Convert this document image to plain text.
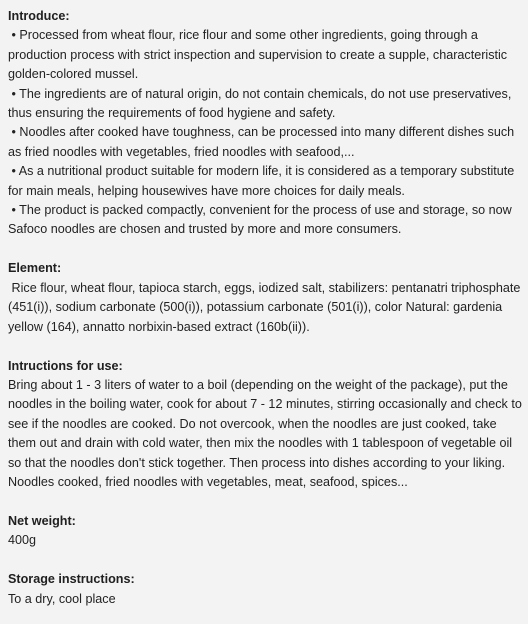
Introduce:
• Processed from wheat flour, rice flour and some other ingredients, going through a production process with strict inspection and supervision to create a supple, characteristic golden-colored mussel.
• The ingredients are of natural origin, do not contain chemicals, do not use preservatives, thus ensuring the requirements of food hygiene and safety.
• Noodles after cooked have toughness, can be processed into many different dishes such as fried noodles with vegetables, fried noodles with seafood,...
• As a nutritional product suitable for modern life, it is considered as a temporary substitute for main meals, helping housewives have more choices for daily meals.
• The product is packed compactly, convenient for the process of use and storage, so now Safoco noodles are chosen and trusted by more and more consumers.
Element:
Rice flour, wheat flour, tapioca starch, eggs, iodized salt, stabilizers: pentanatri triphosphate (451(i)), sodium carbonate (500(i)), potassium carbonate (501(i)), color Natural: gardenia yellow (164), annatto norbixin-based extract (160b(ii)).
Intructions for use:
Bring about 1 - 3 liters of water to a boil (depending on the weight of the package), put the noodles in the boiling water, cook for about 7 - 12 minutes, stirring occasionally and check to see if the noodles are cooked. Do not overcook, when the noodles are just cooked, take them out and drain with cold water, then mix the noodles with 1 tablespoon of vegetable oil so that the noodles don't stick together. Then process into dishes according to your liking. Noodles cooked, fried noodles with vegetables, meat, seafood, spices...
Net weight:
400g
Storage instructions:
To a dry, cool place
